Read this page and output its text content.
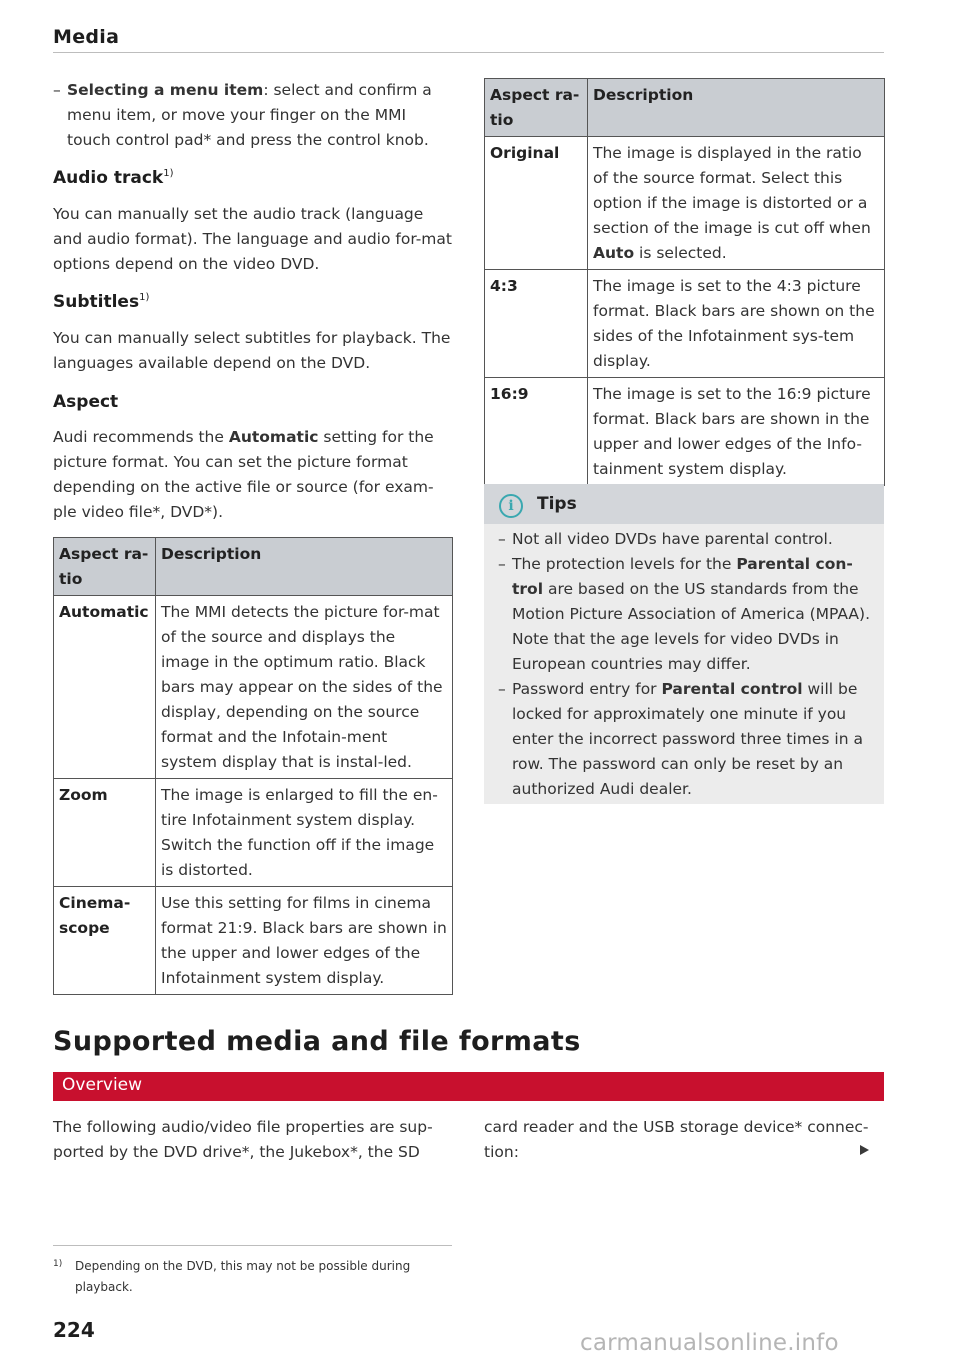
Media
– Selecting a menu item: select and confirm a menu item, or move your finger on the MMI touch control pad* and press the control knob.
Audio track$^{1)}$
You can manually set the audio track (language and audio format). The language and audio for-mat options depend on the video DVD.
Subtitles$^{1)}$
You can manually select subtitles for playback. The languages available depend on the DVD.
Aspect
Audi recommends the Automatic setting for the picture format. You can set the picture format depending on the active file or source (for exam-ple video file*, DVD*).
Aspect ra-tio	Description
Automatic	The MMI detects the picture for-mat of the source and displays the image in the optimum ratio. Black bars may appear on the sides of the display, depending on the source format and the Infotain-ment system display that is instal-led.
Zoom	The image is enlarged to fill the en-tire Infotainment system display. Switch the function off if the image is distorted.
Cinema-scope	Use this setting for films in cinema format 21:9. Black bars are shown in the upper and lower edges of the Infotainment system display.
Aspect ra-tio	Description
Original	The image is displayed in the ratio of the source format. Select this option if the image is distorted or a section of the image is cut off when Auto is selected.
4:3	The image is set to the 4:3 picture format. Black bars are shown on the sides of the Infotainment sys-tem display.
16:9	The image is set to the 16:9 picture format. Black bars are shown in the upper and lower edges of the Info-tainment system display.
i	Tips
– Not all video DVDs have parental control.
– The protection levels for the Parental con-trol are based on the US standards from the Motion Picture Association of America (MPAA). Note that the age levels for video DVDs in European countries may differ.
– Password entry for Parental control will be locked for approximately one minute if you enter the incorrect password three times in a row. The password can only be reset by an authorized Audi dealer.
Supported media and file formats
Overview
The following audio/video file properties are sup-ported by the DVD drive*, the Jukebox*, the SD
card reader and the USB storage device* connec-tion:
1)	Depending on the DVD, this may not be possible during playback.
224	carmanualsonline.info
